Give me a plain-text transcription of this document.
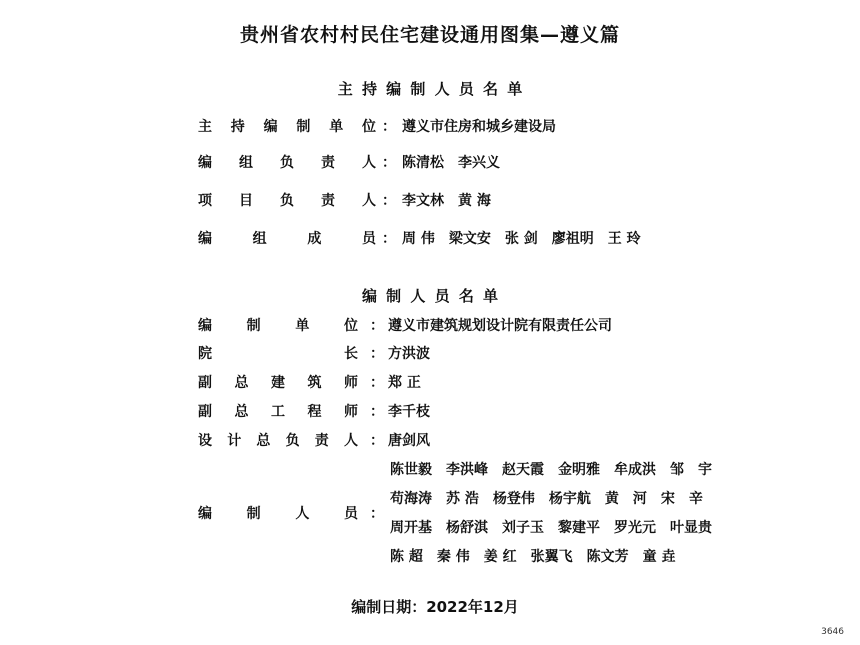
贵州省农村村民住宅建设通用图集—遵义篇
主 持 编 制 人 员 名 单
主 持 编 制 单 位 ： 遵义市住房和城乡建设局
编 组 负 责 人 ： 陈清松　李兴义
项 目 负 责 人 ： 李文林　黄 海
编	组	成	员 ： 周 伟　梁文安　张 剑　廖祖明　王 玲
编 制 人 员 名 单
编 制 单 位 ： 遵义市建筑规划设计院有限责任公司
院	长 ： 方洪波
副 总 建 筑 师 ： 郑 正
副 总 工 程 师 ： 李千枝
设 计 总 负 责 人 ： 唐剑风
编 制 人 员 ：
陈世毅　李洪峰　赵天霞　金明雅　牟成洪　邹　宇
苟海涛　苏 浩　杨登伟　杨宇航　黄　河　宋　辛
周开基　杨舒淇　刘子玉　黎建平　罗光元　叶显贵
陈 超　秦 伟　姜 红　张翼飞　陈文芳　童 垚
编制日期：2022年12月
3646
